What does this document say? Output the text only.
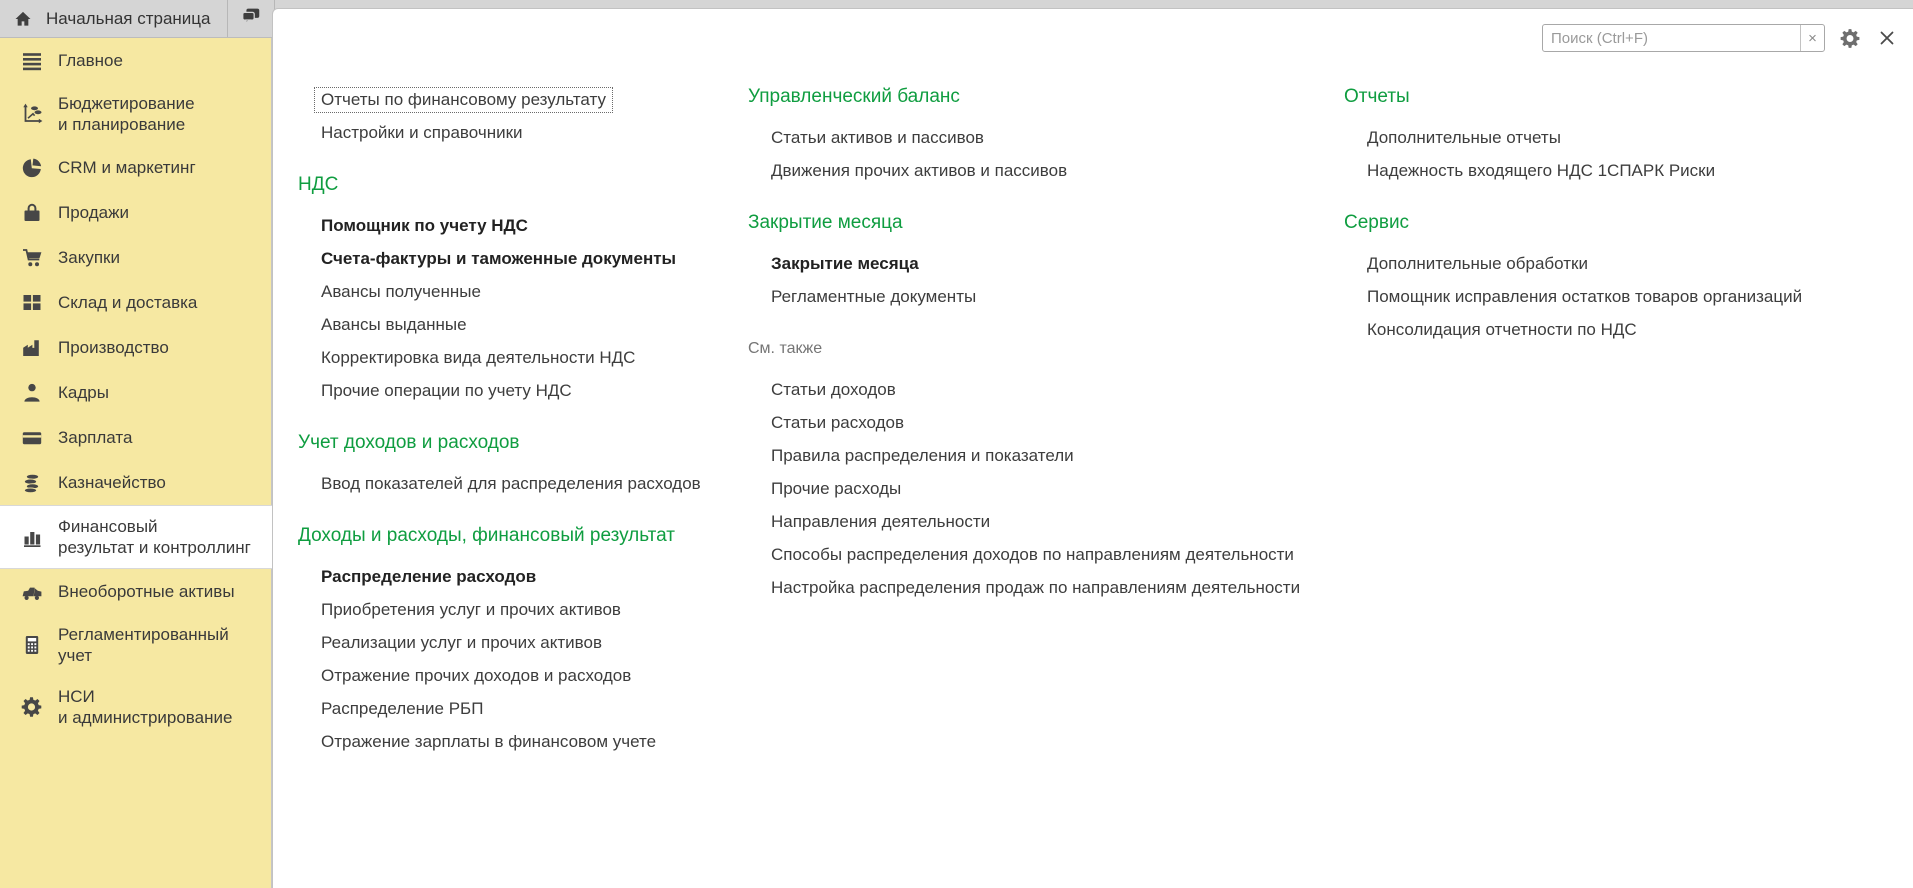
Начальная страница
Главное
Бюджетирование
и планирование
CRM и маркетинг
Продажи
Закупки
Склад и доставка
Производство
Кадры
Зарплата
Казначейство
Финансовый
результат и контроллинг
Внеоборотные активы
Регламентированный
учет
НСИ
и администрирование
Поиск (Ctrl+F)
×
Отчеты по финансовому результату
Настройки и справочники
НДС
Помощник по учету НДС
Счета-фактуры и таможенные документы
Авансы полученные
Авансы выданные
Корректировка вида деятельности НДС
Прочие операции по учету НДС
Учет доходов и расходов
Ввод показателей для распределения расходов
Доходы и расходы, финансовый результат
Распределение расходов
Приобретения услуг и прочих активов
Реализации услуг и прочих активов
Отражение прочих доходов и расходов
Распределение РБП
Отражение зарплаты в финансовом учете
Управленческий баланс
Статьи активов и пассивов
Движения прочих активов и пассивов
Закрытие месяца
Закрытие месяца
Регламентные документы
См. также
Статьи доходов
Статьи расходов
Правила распределения и показатели
Прочие расходы
Направления деятельности
Способы распределения доходов по направлениям деятельности
Настройка распределения продаж по направлениям деятельности
Отчеты
Дополнительные отчеты
Надежность входящего НДС 1СПАРК Риски
Сервис
Дополнительные обработки
Помощник исправления остатков товаров организаций
Консолидация отчетности по НДС
